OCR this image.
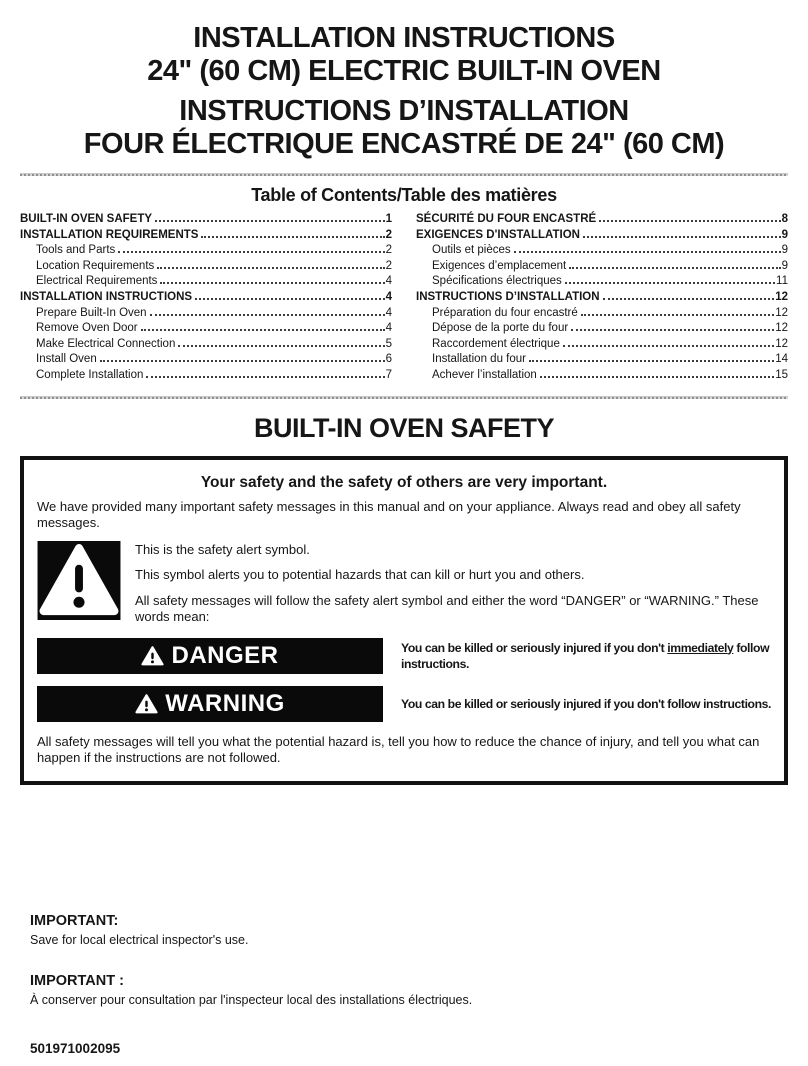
INSTALLATION INSTRUCTIONS
24" (60 CM) ELECTRIC BUILT-IN OVEN
INSTRUCTIONS D’INSTALLATION
FOUR ÉLECTRIQUE ENCASTRÉ DE 24" (60 CM)
Table of Contents/Table des matières
BUILT-IN OVEN SAFETY	1
INSTALLATION REQUIREMENTS	2
Tools and Parts	2
Location Requirements	2
Electrical Requirements	4
INSTALLATION INSTRUCTIONS	4
Prepare Built-In Oven	4
Remove Oven Door	4
Make Electrical Connection	5
Install Oven	6
Complete Installation	7
SÉCURITÉ DU FOUR ENCASTRÉ	8
EXIGENCES D'INSTALLATION	9
Outils et pièces	9
Exigences d’emplacement	9
Spécifications électriques	11
INSTRUCTIONS D’INSTALLATION	12
Préparation du four encastré	12
Dépose de la porte du four	12
Raccordement électrique	12
Installation du four	14
Achever l’installation	15
BUILT-IN OVEN SAFETY
Your safety and the safety of others are very important.

We have provided many important safety messages in this manual and on your appliance. Always read and obey all safety messages.

This is the safety alert symbol.

This symbol alerts you to potential hazards that can kill or hurt you and others.

All safety messages will follow the safety alert symbol and either the word “DANGER” or “WARNING.” These words mean:

DANGER	You can be killed or seriously injured if you don't immediately follow instructions.

WARNING	You can be killed or seriously injured if you don't follow instructions.

All safety messages will tell you what the potential hazard is, tell you how to reduce the chance of injury, and tell you what can happen if the instructions are not followed.

IMPORTANT:

Save for local electrical inspector's use.

IMPORTANT :

À conserver pour consultation par l'inspecteur local des installations électriques.

501971002095
